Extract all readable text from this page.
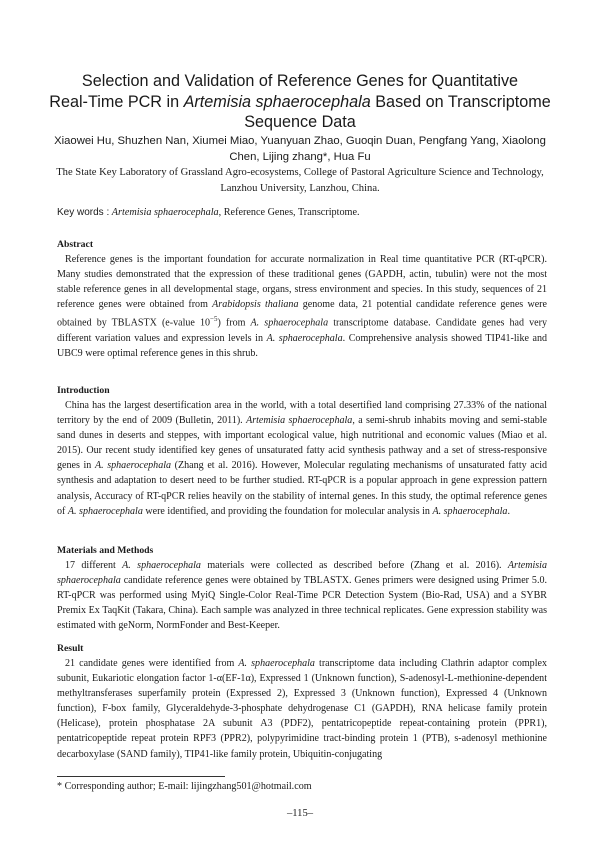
Selection and Validation of Reference Genes for Quantitative
Real-Time PCR in Artemisia sphaerocephala Based on Transcriptome
Sequence Data
Xiaowei Hu, Shuzhen Nan, Xiumei Miao, Yuanyuan Zhao, Guoqin Duan, Pengfang Yang, Xiaolong Chen, Lijing zhang*, Hua Fu
The State Key Laboratory of Grassland Agro-ecosystems, College of Pastoral Agriculture Science and Technology, Lanzhou University, Lanzhou, China.
Key words : Artemisia sphaerocephala, Reference Genes, Transcriptome.
Abstract

Reference genes is the important foundation for accurate normalization in Real time quantitative PCR (RT-qPCR). Many studies demonstrated that the expression of these traditional genes (GAPDH, actin, tubulin) were not the most stable reference genes in all developmental stage, organs, stress environment and species. In this study, sequences of 21 reference genes were obtained from Arabidopsis thaliana genome data, 21 potential candidate reference genes were obtained by TBLASTX (e-value $10^{-5}$) from A. sphaerocephala transcriptome database. Candidate genes had very different variation values and expression levels in A. sphaerocephala. Comprehensive analysis showed TIP41-like and UBC9 were optimal reference genes in this shrub.

Introduction

China has the largest desertification area in the world, with a total desertified land comprising 27.33% of the national territory by the end of 2009 (Bulletin, 2011). Artemisia sphaerocephala, a semi-shrub inhabits moving and semi-stable sand dunes in deserts and steppes, with important ecological value, high nutritional and economic values (Miao et al. 2015). Our recent study identified key genes of unsaturated fatty acid synthesis pathway and a set of stress-responsive genes in A. sphaerocephala (Zhang et al. 2016). However, Molecular regulating mechanisms of unsaturated fatty acid synthesis and adaptation to desert need to be further studied. RT-qPCR is a popular approach in gene expression pattern analysis, Accuracy of RT-qPCR relies heavily on the stability of internal genes. In this study, the optimal reference genes of A. sphaerocephala were identified, and providing the foundation for molecular analysis in A. sphaerocephala.

Materials and Methods

17 different A. sphaerocephala materials were collected as described before (Zhang et al. 2016). Artemisia sphaerocephala candidate reference genes were obtained by TBLASTX. Genes primers were designed using Primer 5.0. RT-qPCR was performed using MyiQ Single-Color Real-Time PCR Detection System (Bio-Rad, USA) and a SYBR Premix Ex TaqKit (Takara, China). Each sample was analyzed in three technical replicates. Gene expression stability was estimated with geNorm, NormFonder and Best-Keeper.

Result

21 candidate genes were identified from A. sphaerocephala transcriptome data including Clathrin adaptor complex subunit, Eukariotic elongation factor 1-α(EF-1α), Expressed 1 (Unknown function), S-adenosyl-L-methionine-dependent methyltransferases superfamily protein (Expressed 2), Expressed 3 (Unknown function), Expressed 4 (Unknown function), F-box family, Glyceraldehyde-3-phosphate dehydrogenase C1 (GAPDH), RNA helicase family protein (Helicase), protein phosphatase 2A subunit A3 (PDF2), pentatricopeptide repeat-containing protein (PPR1), pentatricopeptide repeat protein RPF3 (PPR2), polypyrimidine tract-binding protein 1 (PTB), s-adenosyl methionine decarboxylase (SAND family), TIP41-like family protein, Ubiquitin-conjugating

* Corresponding author; E-mail: lijingzhang501@hotmail.com
–115–
